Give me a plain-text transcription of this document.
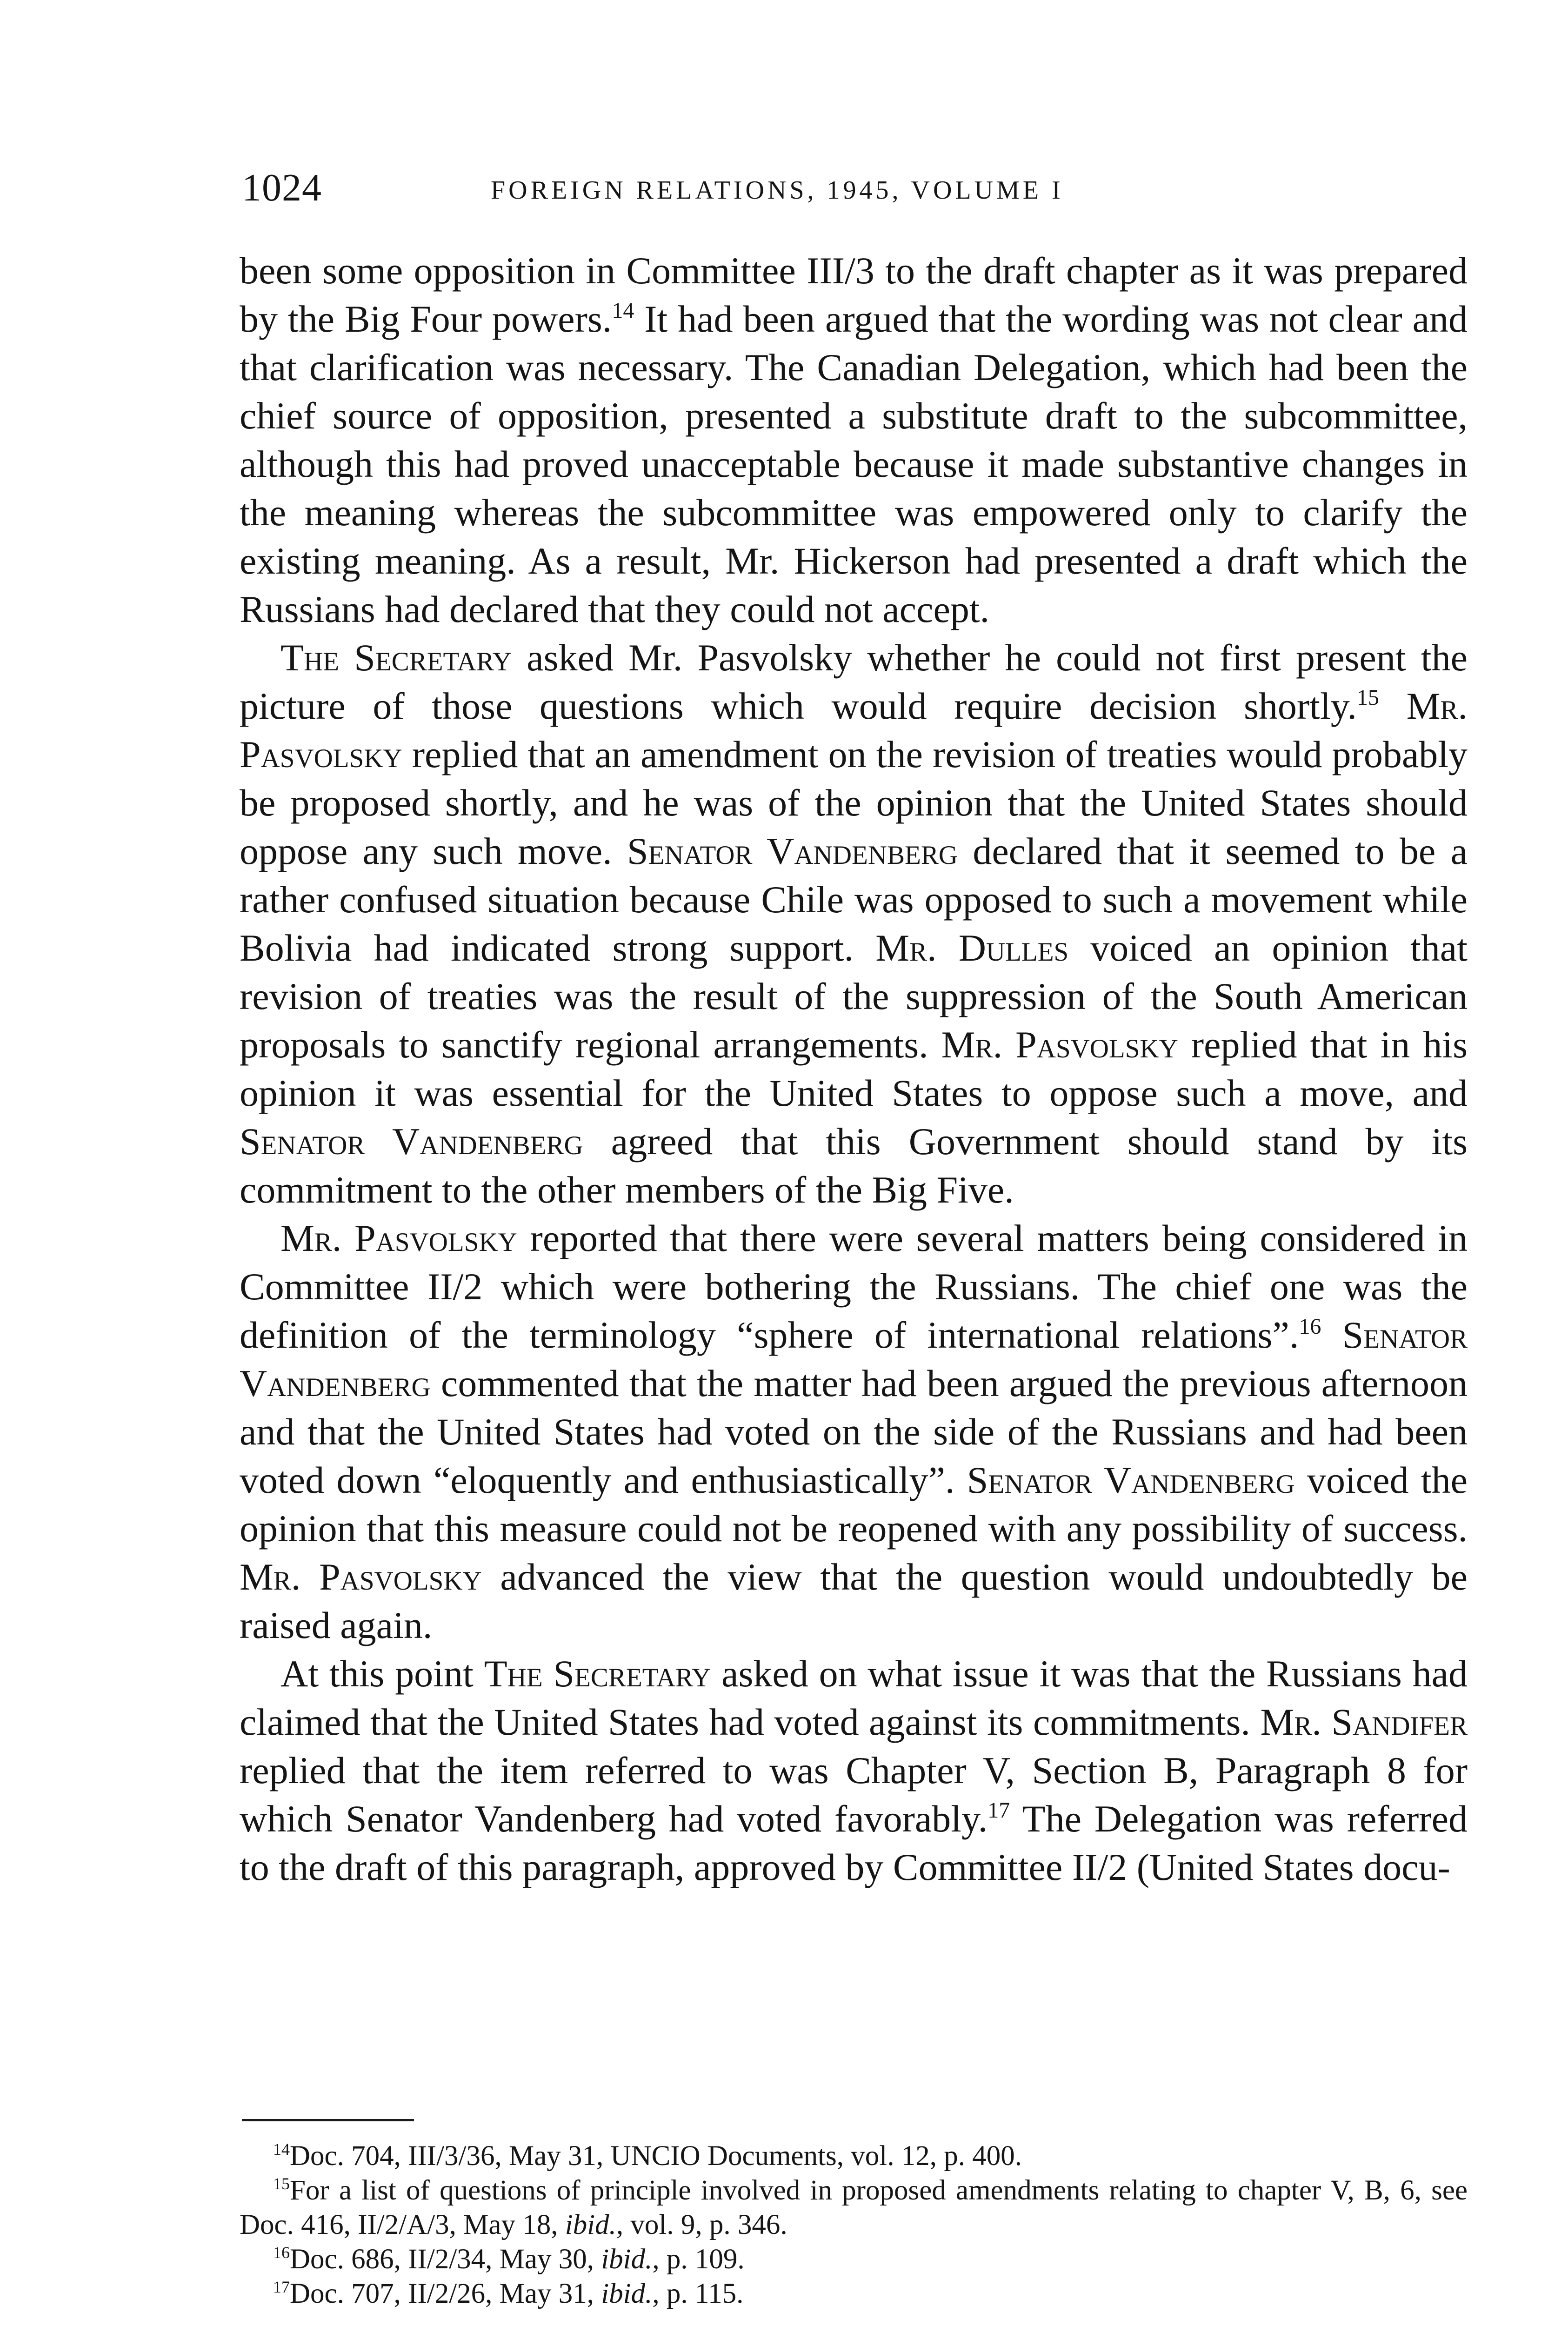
1024	FOREIGN RELATIONS, 1945, VOLUME I

been some opposition in Committee III/3 to the draft chapter as it was prepared by the Big Four powers.$^{14}$ It had been argued that the wording was not clear and that clarification was necessary. The Canadian Delegation, which had been the chief source of opposition, presented a substitute draft to the subcommittee, although this had proved unacceptable because it made substantive changes in the meaning whereas the subcommittee was empowered only to clarify the existing meaning. As a result, Mr. Hickerson had presented a draft which the Russians had declared that they could not accept.

The Secretary asked Mr. Pasvolsky whether he could not first present the picture of those questions which would require decision shortly.$^{15}$ Mr. Pasvolsky replied that an amendment on the revision of treaties would probably be proposed shortly, and he was of the opinion that the United States should oppose any such move. Senator Vandenberg declared that it seemed to be a rather confused situation because Chile was opposed to such a movement while Bolivia had indicated strong support. Mr. Dulles voiced an opinion that revision of treaties was the result of the suppression of the South American proposals to sanctify regional arrangements. Mr. Pasvolsky replied that in his opinion it was essential for the United States to oppose such a move, and Senator Vandenberg agreed that this Government should stand by its commitment to the other members of the Big Five.

Mr. Pasvolsky reported that there were several matters being considered in Committee II/2 which were bothering the Russians. The chief one was the definition of the terminology “sphere of international relations”.$^{16}$ Senator Vandenberg commented that the matter had been argued the previous afternoon and that the United States had voted on the side of the Russians and had been voted down “eloquently and enthusiastically”. Senator Vandenberg voiced the opinion that this measure could not be reopened with any possibility of success. Mr. Pasvolsky advanced the view that the question would undoubtedly be raised again.

At this point The Secretary asked on what issue it was that the Russians had claimed that the United States had voted against its commitments. Mr. Sandifer replied that the item referred to was Chapter V, Section B, Paragraph 8 for which Senator Vandenberg had voted favorably.$^{17}$ The Delegation was referred to the draft of this paragraph, approved by Committee II/2 (United States docu-

$^{14}$Doc. 704, III/3/36, May 31, UNCIO Documents, vol. 12, p. 400.

$^{15}$For a list of questions of principle involved in proposed amendments relating to chapter V, B, 6, see Doc. 416, II/2/A/3, May 18, ibid., vol. 9, p. 346.

$^{16}$Doc. 686, II/2/34, May 30, ibid., p. 109.

$^{17}$Doc. 707, II/2/26, May 31, ibid., p. 115.
